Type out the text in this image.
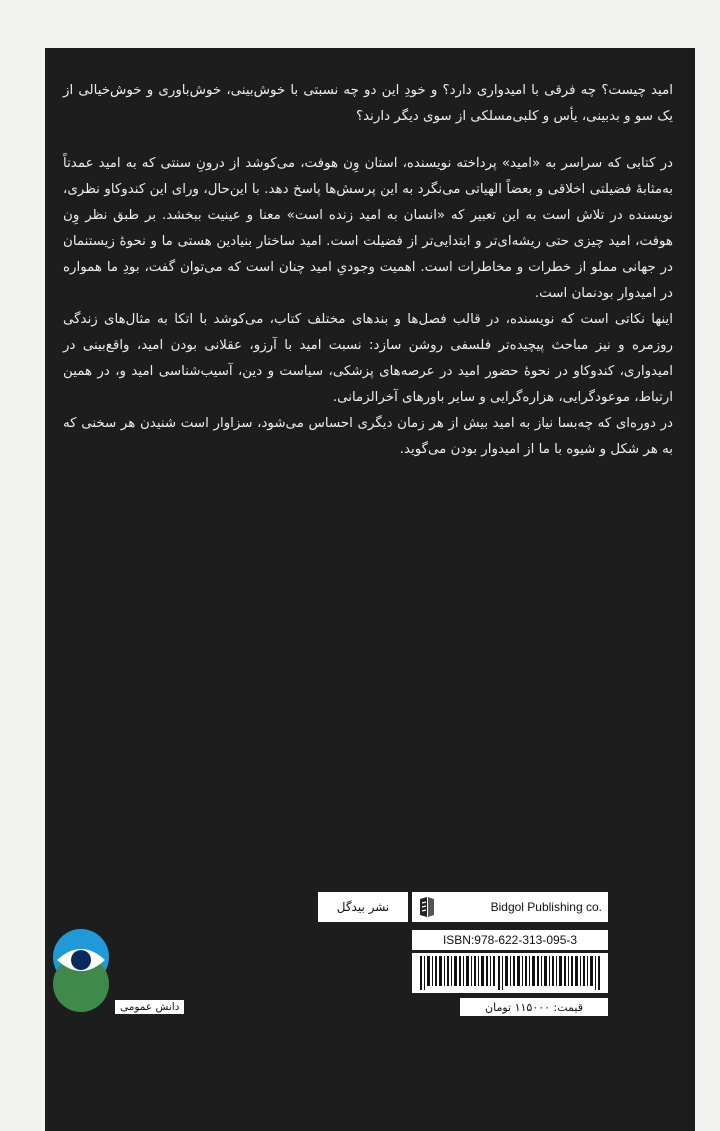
امید چیست؟ چه فرقی با امیدواری دارد؟ و خودِ این دو چه نسبتی با خوش‌بینی، خوش‌باوری و خوش‌خیالی از یک سو و بدبینی، یأس و کلبی‌مسلکی از سوی دیگر دارند؟

در کتابی که سراسر به «امید» پرداخته نویسنده، استان وِن هوفت، می‌کوشد از درونِ سنتی که به امید عمدتاً به‌مثابهٔ فضیلتی اخلاقی و بعضاً الهیاتی می‌نگرد به این پرسش‌ها پاسخ دهد. با این‌حال، ورای این کندوکاو نظری، نویسنده در تلاش است به این تعبیر که «انسان به امید زنده است» معنا و عینیت ببخشد. بر طبق نظر وِن هوفت، امید چیزی حتی ریشه‌ای‌تر و ابتدایی‌تر از فضیلت است. امید ساختار بنیادین هستی ما و نحوهٔ زیستنمان در جهانی مملو از خطرات و مخاطرات است. اهمیت وجودیِ امید چنان است که می‌توان گفت، بودِ ما همواره در امیدوار بودنمان است.

اینها نکاتی است که نویسنده، در قالب فصل‌ها و بندهای مختلف کتاب، می‌کوشد با اتکا به مثال‌های زندگی روزمره و نیز مباحث پیچیده‌تر فلسفی روشن سازد: نسبت امید با آرزو، عقلانی بودن امید، واقع‌بینی در امیدواری، کندوکاو در نحوهٔ حضور امید در عرصه‌های پزشکی، سیاست و دین، آسیب‌شناسی امید و، در همین ارتباط، موعودگرایی، هزاره‌گرایی و سایر باورهای آخرالزمانی.

در دوره‌ای که چه‌بسا نیاز به امید بیش از هر زمان دیگری احساس می‌شود، سزاوار است شنیدن هر سخنی که به هر شکل و شیوه با ما از امیدوار بودن می‌گوید.

نشر بیدگل	Bidgol Publishing co.
ISBN:978-622-313-095-3
قیمت: ۱۱۵۰۰۰ تومان
دانش عمومی
